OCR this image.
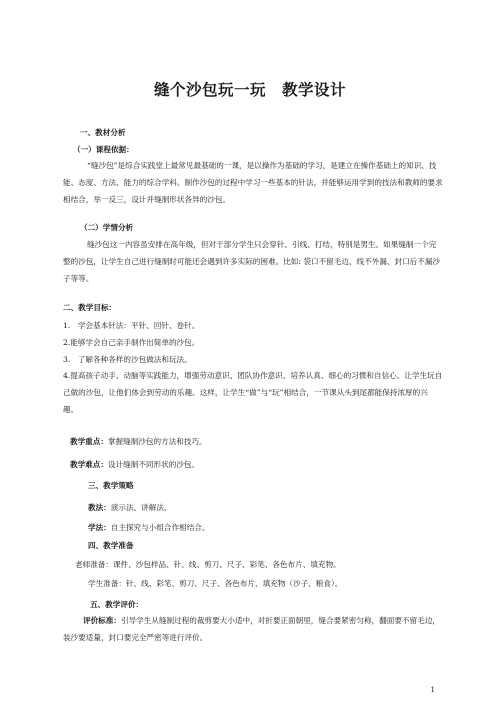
缝个沙包玩一玩　教学设计
一、教材分析
（一）课程依据：
“缝沙包”是综合实践堂上最常见最基础的一课，是以操作为基础的学习，是建立在操作基础上的知识、技能、态度、方法、能力的综合学科。制作沙包的过程中学习一些基本的针法，并能够运用学到的技法和教师的要求相结合，举一反三，设计并缝制形状各异的沙包。
（二）学情分析
缝沙包这一内容虽安排在高年级，但对于部分学生只会穿针、引线、打结，特别是男生。如果缝制一个完整的沙包，让学生自己进行缝制时可能还会遇到许多实际的困难。比如: 袋口不留毛边、线不外漏、封口后不漏沙子等等。
二、教学目标：
1.　学会基本针法：平针、回针、卷针。
2.能够学会自己亲手制作出简单的沙包。
3.　了解各种各样的沙包做法和玩法。
4.提高孩子动手、动脑等实践能力，增强劳动意识、团队协作意识、培养认真、细心的习惯和自信心。让学生玩自己做的沙包，让他们体会到劳动的乐趣。这样，让学生“做”与“玩”相结合，一节课从头到尾都能保持浓厚的兴趣。
教学重点：掌握缝制沙包的方法和技巧。
教学难点：设计缝制不同形状的沙包。
三、教学策略
教法：演示法、讲解法、
学法：自主探究与小组合作相结合。
四、教学准备
老师准备：课件、沙包样品、针、线、剪刀、尺子、彩笔、各色布片、填充物。
学生准备：针、线、彩笔、剪刀、尺子、各色布片、填充物（沙子、粮食）。
五、教学评价：
评价标准：引导学生从缝制过程的裁剪要大小适中，对折要正面朝里，缝合要紧密匀称，翻面要不留毛边，装沙要适量，封口要完全严密等进行评价。
1
